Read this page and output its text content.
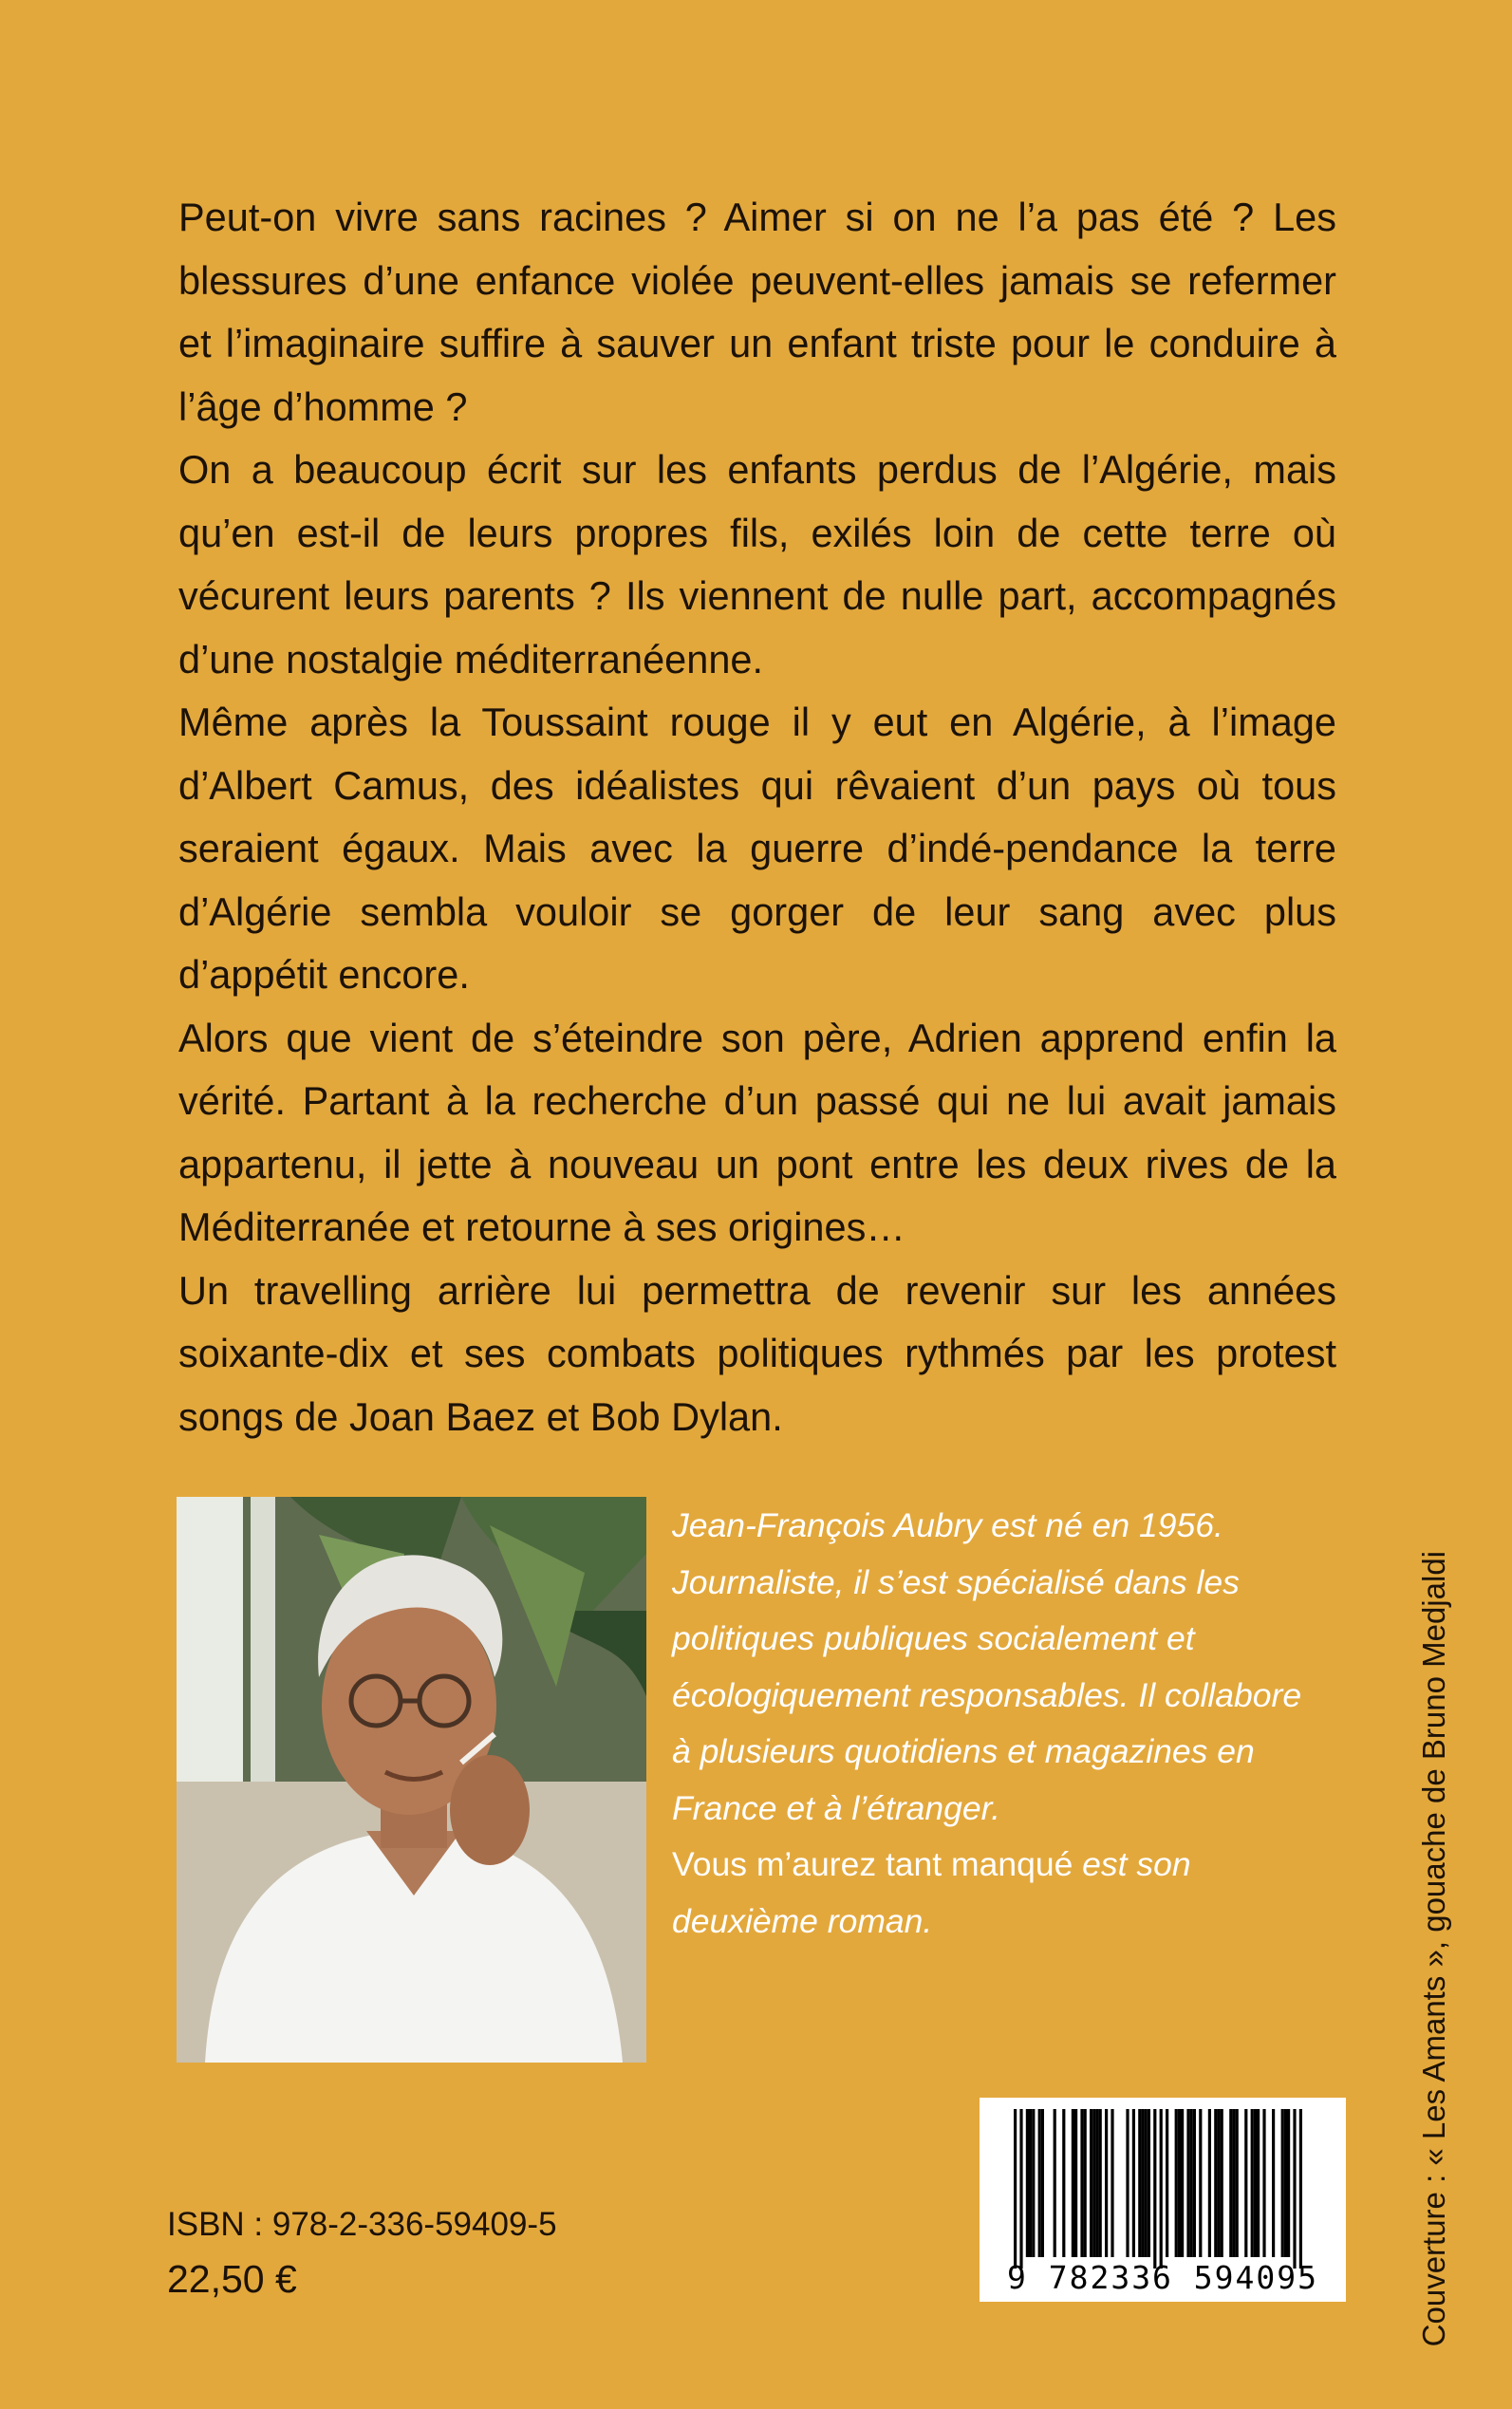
Peut-on vivre sans racines ? Aimer si on ne l’a pas été ? Les blessures d’une enfance violée peuvent-elles jamais se refermer et l’imaginaire suffire à sauver un enfant triste pour le conduire à l’âge d’homme ?

On a beaucoup écrit sur les enfants perdus de l’Algérie, mais qu’en est-il de leurs propres fils, exilés loin de cette terre où vécurent leurs parents ? Ils viennent de nulle part, accompagnés d’une nostalgie méditerranéenne.

Même après la Toussaint rouge il y eut en Algérie, à l’image d’Albert Camus, des idéalistes qui rêvaient d’un pays où tous seraient égaux. Mais avec la guerre d’indé-pendance la terre d’Algérie sembla vouloir se gorger de leur sang avec plus d’appétit encore.

Alors que vient de s’éteindre son père, Adrien apprend enfin la vérité. Partant à la recherche d’un passé qui ne lui avait jamais appartenu, il jette à nouveau un pont entre les deux rives de la Méditerranée et retourne à ses origines…

Un travelling arrière lui permettra de revenir sur les années soixante-dix et ses combats politiques rythmés par les protest songs de Joan Baez et Bob Dylan.

Jean-François Aubry est né en 1956. Journaliste, il s’est spécialisé dans les politiques publiques socialement et écologiquement responsables. Il collabore à plusieurs quotidiens et magazines en France et à l’étranger.

Vous m’aurez tant manqué est son deuxième roman.

ISBN : 978-2-336-59409-5
22,50 €	9 782336 594095	Couverture : « Les Amants », gouache de Bruno Medjaldi
